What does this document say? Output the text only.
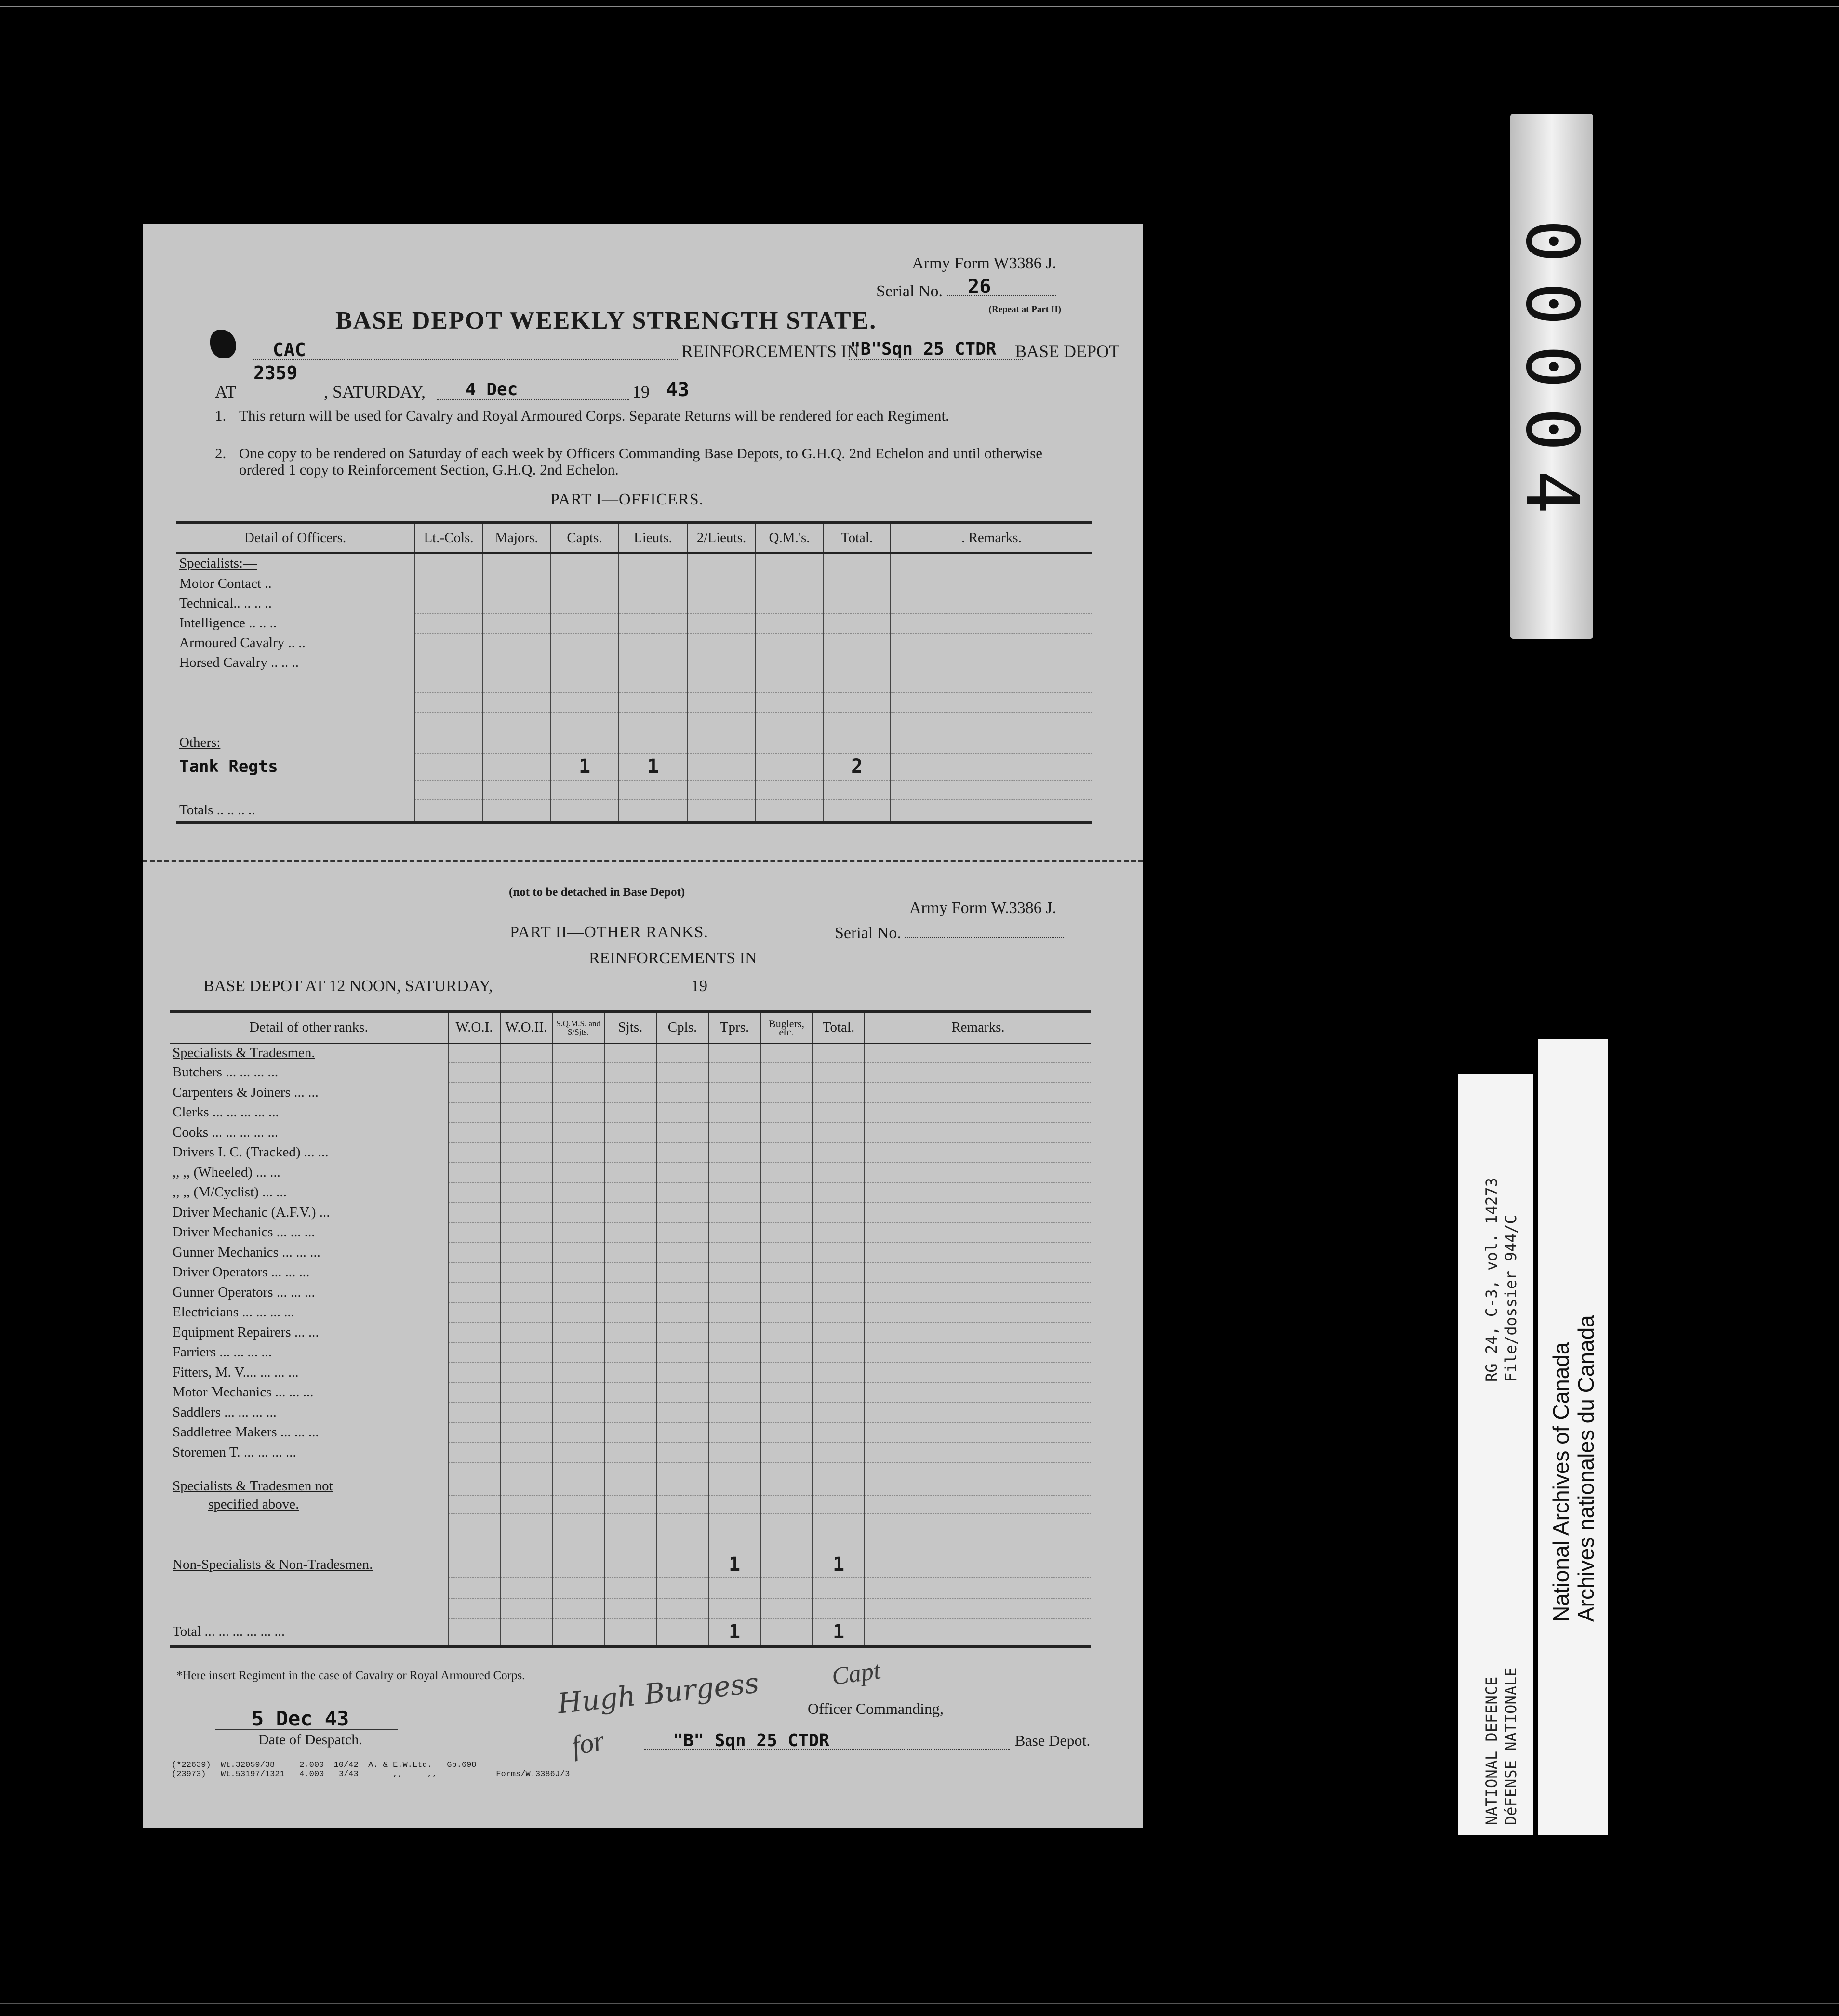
Army Form W3386 J.
Serial No. 26
(Repeat at Part II)
BASE DEPOT WEEKLY STRENGTH STATE.
CAC	REINFORCEMENTS IN
"B"Sqn 25 CTDR BASE DEPOT
AT
2359
, SATURDAY, 4 Dec	19 43
1. This return will be used for Cavalry and Royal Armoured Corps. Separate Returns will be rendered for each Regiment.
2. One copy to be rendered on Saturday of each week by Officers Commanding Base Depots, to G.H.Q. 2nd Echelon and until otherwise ordered 1 copy to Reinforcement Section, G.H.Q. 2nd Echelon.
PART I—OFFICERS.
Detail of Officers.	Lt.-Cols.	Majors.	Capts.	Lieuts.	2/Lieuts.	Q.M.'s.	Total.	. Remarks.
Specialists:—								
Motor Contact ..								
Technical.. .. .. ..								
Intelligence .. .. ..								
Armoured Cavalry .. ..								
Horsed Cavalry .. .. ..								

Others:								
Tank Regts			1	1			2	

Totals .. .. .. ..								
(not to be detached in Base Depot)
Army Form W.3386 J.
PART II—OTHER RANKS.	Serial No.
REINFORCEMENTS IN
BASE DEPOT AT 12 NOON, SATURDAY,	19
Detail of other ranks.	W.O.I.	W.O.II.	S.Q.M.S. and S/Sjts.	Sjts.	Cpls.	Tprs.	Buglers, etc.	Total.	Remarks.
Specialists & Tradesmen.									
Butchers ... ... ... ...									
Carpenters & Joiners ... ...									
Clerks ... ... ... ... ...									
Cooks ... ... ... ... ...									
Drivers I. C. (Tracked) ... ...									
,, ,, (Wheeled) ... ...									
,, ,, (M/Cyclist) ... ...									
Driver Mechanic (A.F.V.) ...									
Driver Mechanics ... ... ...									
Gunner Mechanics ... ... ...									
Driver Operators ... ... ...									
Gunner Operators ... ... ...									
Electricians ... ... ... ...									
Equipment Repairers ... ...									
Farriers ... ... ... ...									
Fitters, M. V.... ... ... ...									
Motor Mechanics ... ... ...									
Saddlers ... ... ... ...									
Saddletree Makers ... ... ...									
Storemen T. ... ... ... ...									

Specialists & Tradesmen not									
specified above.									

Non-Specialists & Non-Tradesmen.						1		1	

Total ... ... ... ... ... ...						1		1	
*Here insert Regiment in the case of Cavalry or Royal Armoured Corps. Hugh Burgess	Capt
for
5 Dec 43
Date of Despatch.
Officer Commanding,
"B" Sqn 25 CTDR	Base Depot.
(*22639)  Wt.32059/38     2,000  10/42  A. & E.W.Ltd.   Gp.698
(23973)   Wt.53197/1321   4,000   3/43       ,,     ,,            Forms/W.3386J/3
00004
NATIONAL DEFENCE DéFENSE NATIONALE
RG 24, C-3, vol. 14273 File/dossier 944/C
National Archives of Canada Archives nationales du Canada
